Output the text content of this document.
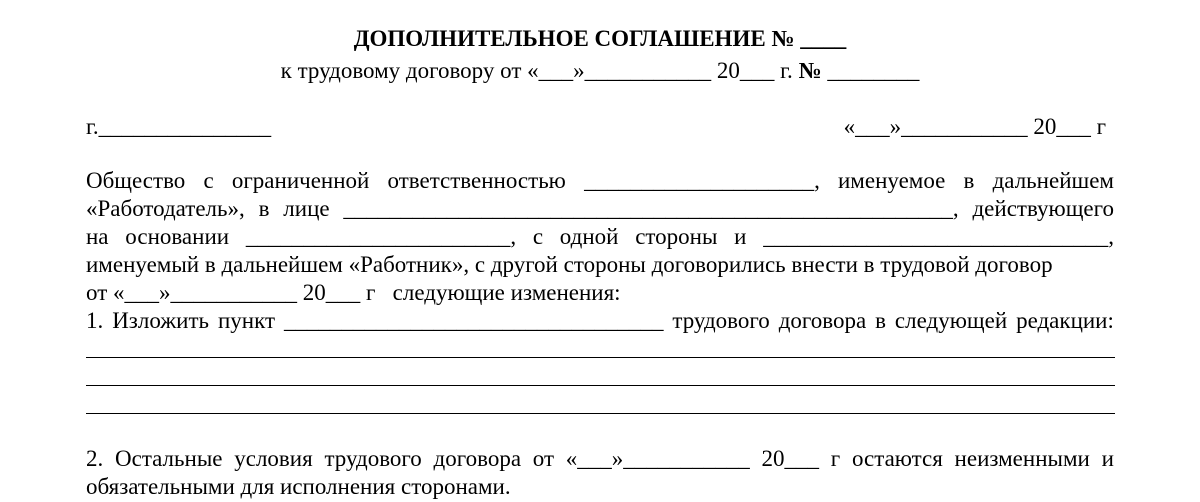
ДОПОЛНИТЕЛЬНОЕ СОГЛАШЕНИЕ № ____
к трудовому договору от «___»___________ 20___ г. № ________
г._______________	«___»___________ 20___ г
Общество с ограниченной ответственностью ____________________, именуемое в дальнейшем
«Работодатель», в лице _____________________________________________________, действующего
на основании _______________________, с одной стороны и ______________________________,
именуемый в дальнейшем «Работник», с другой стороны договорились внести в трудовой договор
от «___»___________ 20___ г   следующие изменения:
1. Изложить пункт _________________________________ трудового договора в следующей редакции:
2. Остальные условия трудового договора от «___»___________ 20___ г остаются неизменными и
обязательными для исполнения сторонами.
